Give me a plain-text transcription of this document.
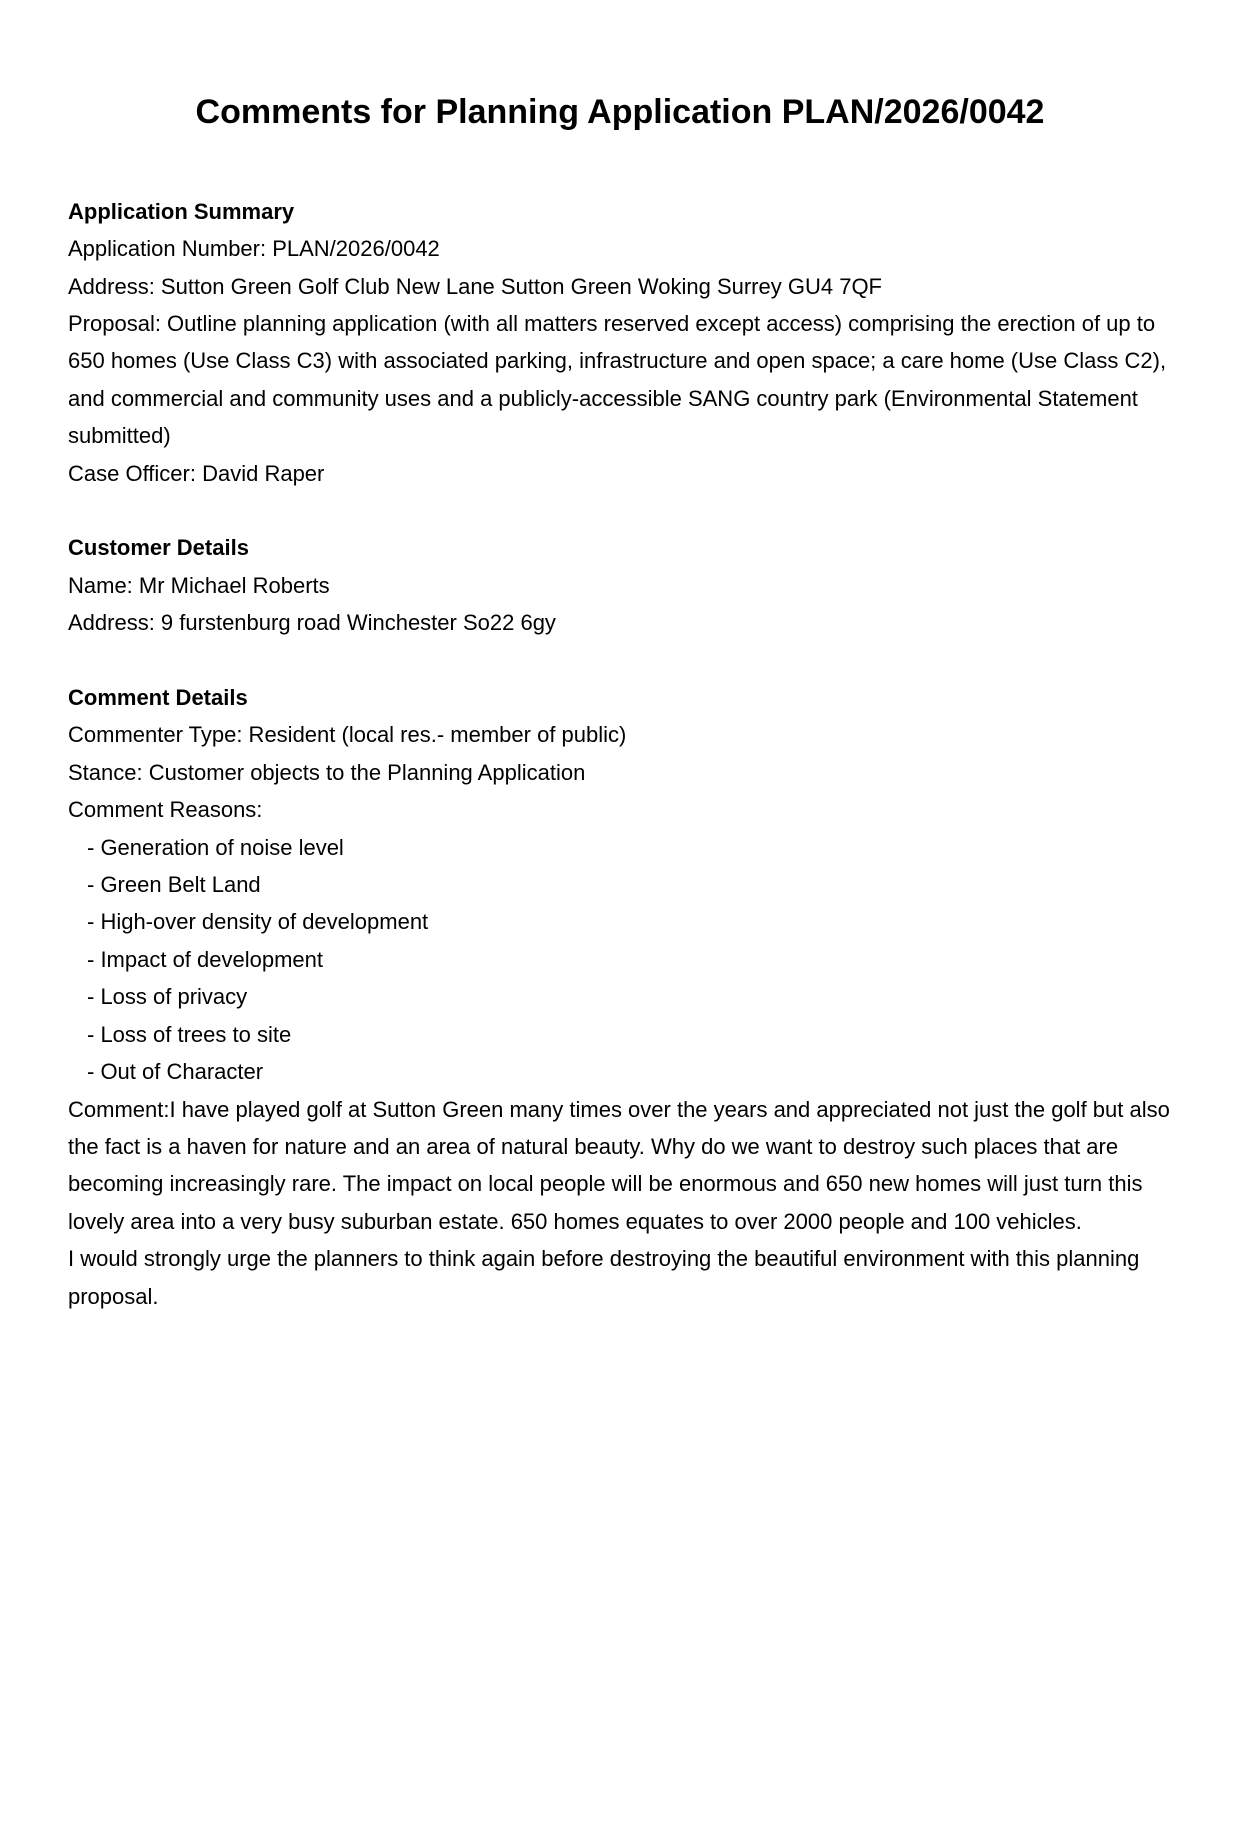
Comments for Planning Application PLAN/2026/0042

Application Summary

Application Number: PLAN/2026/0042

Address: Sutton Green Golf Club New Lane Sutton Green Woking Surrey GU4 7QF

Proposal: Outline planning application (with all matters reserved except access) comprising the erection of up to 650 homes (Use Class C3) with associated parking, infrastructure and open space; a care home (Use Class C2), and commercial and community uses and a publicly-accessible SANG country park (Environmental Statement submitted)

Case Officer: David Raper

Customer Details

Name: Mr Michael Roberts

Address: 9 furstenburg road Winchester So22 6gy

Comment Details

Commenter Type: Resident (local res.- member of public)

Stance: Customer objects to the Planning Application

Comment Reasons:

- Generation of noise level

- Green Belt Land

- High-over density of development

- Impact of development

- Loss of privacy

- Loss of trees to site

- Out of Character

Comment:I have played golf at Sutton Green many times over the years and appreciated not just the golf but also the fact is a haven for nature and an area of natural beauty. Why do we want to destroy such places that are becoming increasingly rare. The impact on local people will be enormous and 650 new homes will just turn this lovely area into a very busy suburban estate. 650 homes equates to over 2000 people and 100 vehicles.

I would strongly urge the planners to think again before destroying the beautiful environment with this planning proposal.
